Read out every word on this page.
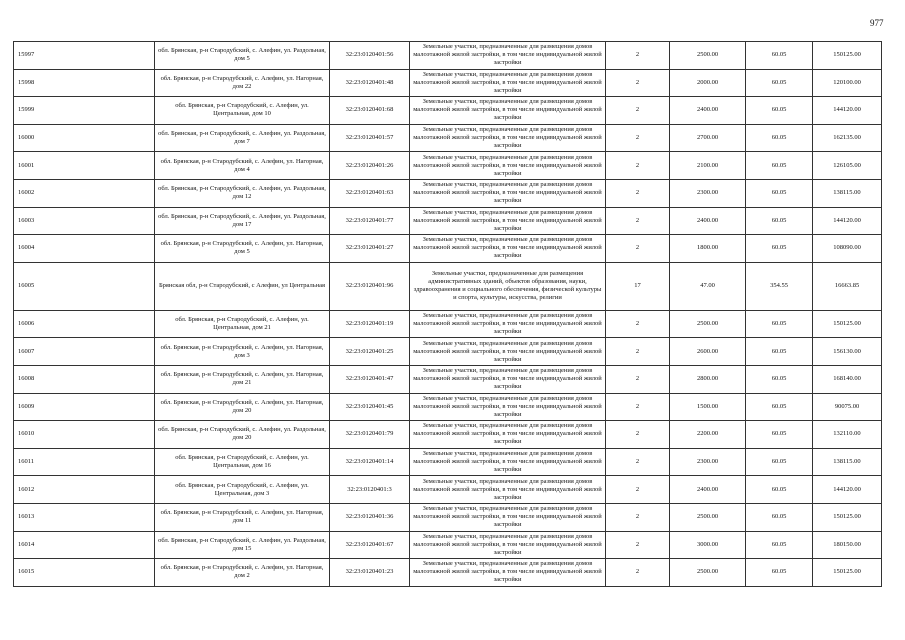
977
15997	обл. Брянская, р-н Стародубский, с. Алефин, ул. Раздольная, дом 5	32:23:0120401:56	Земельные участки, предназначенные для размещения домов малоэтажной жилой застройки, в том числе индивидуальной жилой застройки	2	2500.00	60.05	150125.00
15998	обл. Брянская, р-н Стародубский, с. Алефин, ул. Нагорная, дом 22	32:23:0120401:48	Земельные участки, предназначенные для размещения домов малоэтажной жилой застройки, в том числе индивидуальной жилой застройки	2	2000.00	60.05	120100.00
15999	обл. Брянская, р-н Стародубский, с. Алефин, ул. Центральная, дом 10	32:23:0120401:68	Земельные участки, предназначенные для размещения домов малоэтажной жилой застройки, в том числе индивидуальной жилой застройки	2	2400.00	60.05	144120.00
16000	обл. Брянская, р-н Стародубский, с. Алефин, ул. Раздольная, дом 7	32:23:0120401:57	Земельные участки, предназначенные для размещения домов малоэтажной жилой застройки, в том числе индивидуальной жилой застройки	2	2700.00	60.05	162135.00
16001	обл. Брянская, р-н Стародубский, с. Алефин, ул. Нагорная, дом 4	32:23:0120401:26	Земельные участки, предназначенные для размещения домов малоэтажной жилой застройки, в том числе индивидуальной жилой застройки	2	2100.00	60.05	126105.00
16002	обл. Брянская, р-н Стародубский, с. Алефин, ул. Раздольная, дом 12	32:23:0120401:63	Земельные участки, предназначенные для размещения домов малоэтажной жилой застройки, в том числе индивидуальной жилой застройки	2	2300.00	60.05	138115.00
16003	обл. Брянская, р-н Стародубский, с. Алефин, ул. Раздольная, дом 17	32:23:0120401:77	Земельные участки, предназначенные для размещения домов малоэтажной жилой застройки, в том числе индивидуальной жилой застройки	2	2400.00	60.05	144120.00
16004	обл. Брянская, р-н Стародубский, с. Алефин, ул. Нагорная, дом 5	32:23:0120401:27	Земельные участки, предназначенные для размещения домов малоэтажной жилой застройки, в том числе индивидуальной жилой застройки	2	1800.00	60.05	108090.00
16005	Брянская обл, р-н Стародубский, с Алефин, ул Центральная	32:23:0120401:96	Земельные участки, предназначенные для размещения административных зданий, объектов образования, науки, здравоохранения и социального обеспечения, физической культуры и спорта, культуры, искусства, религии	17	47.00	354.55	16663.85
16006	обл. Брянская, р-н Стародубский, с. Алефин, ул. Центральная, дом 21	32:23:0120401:19	Земельные участки, предназначенные для размещения домов малоэтажной жилой застройки, в том числе индивидуальной жилой застройки	2	2500.00	60.05	150125.00
16007	обл. Брянская, р-н Стародубский, с. Алефин, ул. Нагорная, дом 3	32:23:0120401:25	Земельные участки, предназначенные для размещения домов малоэтажной жилой застройки, в том числе индивидуальной жилой застройки	2	2600.00	60.05	156130.00
16008	обл. Брянская, р-н Стародубский, с. Алефин, ул. Нагорная, дом 21	32:23:0120401:47	Земельные участки, предназначенные для размещения домов малоэтажной жилой застройки, в том числе индивидуальной жилой застройки	2	2800.00	60.05	168140.00
16009	обл. Брянская, р-н Стародубский, с. Алефин, ул. Нагорная, дом 20	32:23:0120401:45	Земельные участки, предназначенные для размещения домов малоэтажной жилой застройки, в том числе индивидуальной жилой застройки	2	1500.00	60.05	90075.00
16010	обл. Брянская, р-н Стародубский, с. Алефин, ул. Раздольная, дом 20	32:23:0120401:79	Земельные участки, предназначенные для размещения домов малоэтажной жилой застройки, в том числе индивидуальной жилой застройки	2	2200.00	60.05	132110.00
16011	обл. Брянская, р-н Стародубский, с. Алефин, ул. Центральная, дом 16	32:23:0120401:14	Земельные участки, предназначенные для размещения домов малоэтажной жилой застройки, в том числе индивидуальной жилой застройки	2	2300.00	60.05	138115.00
16012	обл. Брянская, р-н Стародубский, с. Алефин, ул. Центральная, дом 3	32:23:0120401:3	Земельные участки, предназначенные для размещения домов малоэтажной жилой застройки, в том числе индивидуальной жилой застройки	2	2400.00	60.05	144120.00
16013	обл. Брянская, р-н Стародубский, с. Алефин, ул. Нагорная, дом 11	32:23:0120401:36	Земельные участки, предназначенные для размещения домов малоэтажной жилой застройки, в том числе индивидуальной жилой застройки	2	2500.00	60.05	150125.00
16014	обл. Брянская, р-н Стародубский, с. Алефин, ул. Раздольная, дом 15	32:23:0120401:67	Земельные участки, предназначенные для размещения домов малоэтажной жилой застройки, в том числе индивидуальной жилой застройки	2	3000.00	60.05	180150.00
16015	обл. Брянская, р-н Стародубский, с. Алефин, ул. Нагорная, дом 2	32:23:0120401:23	Земельные участки, предназначенные для размещения домов малоэтажной жилой застройки, в том числе индивидуальной жилой застройки	2	2500.00	60.05	150125.00
